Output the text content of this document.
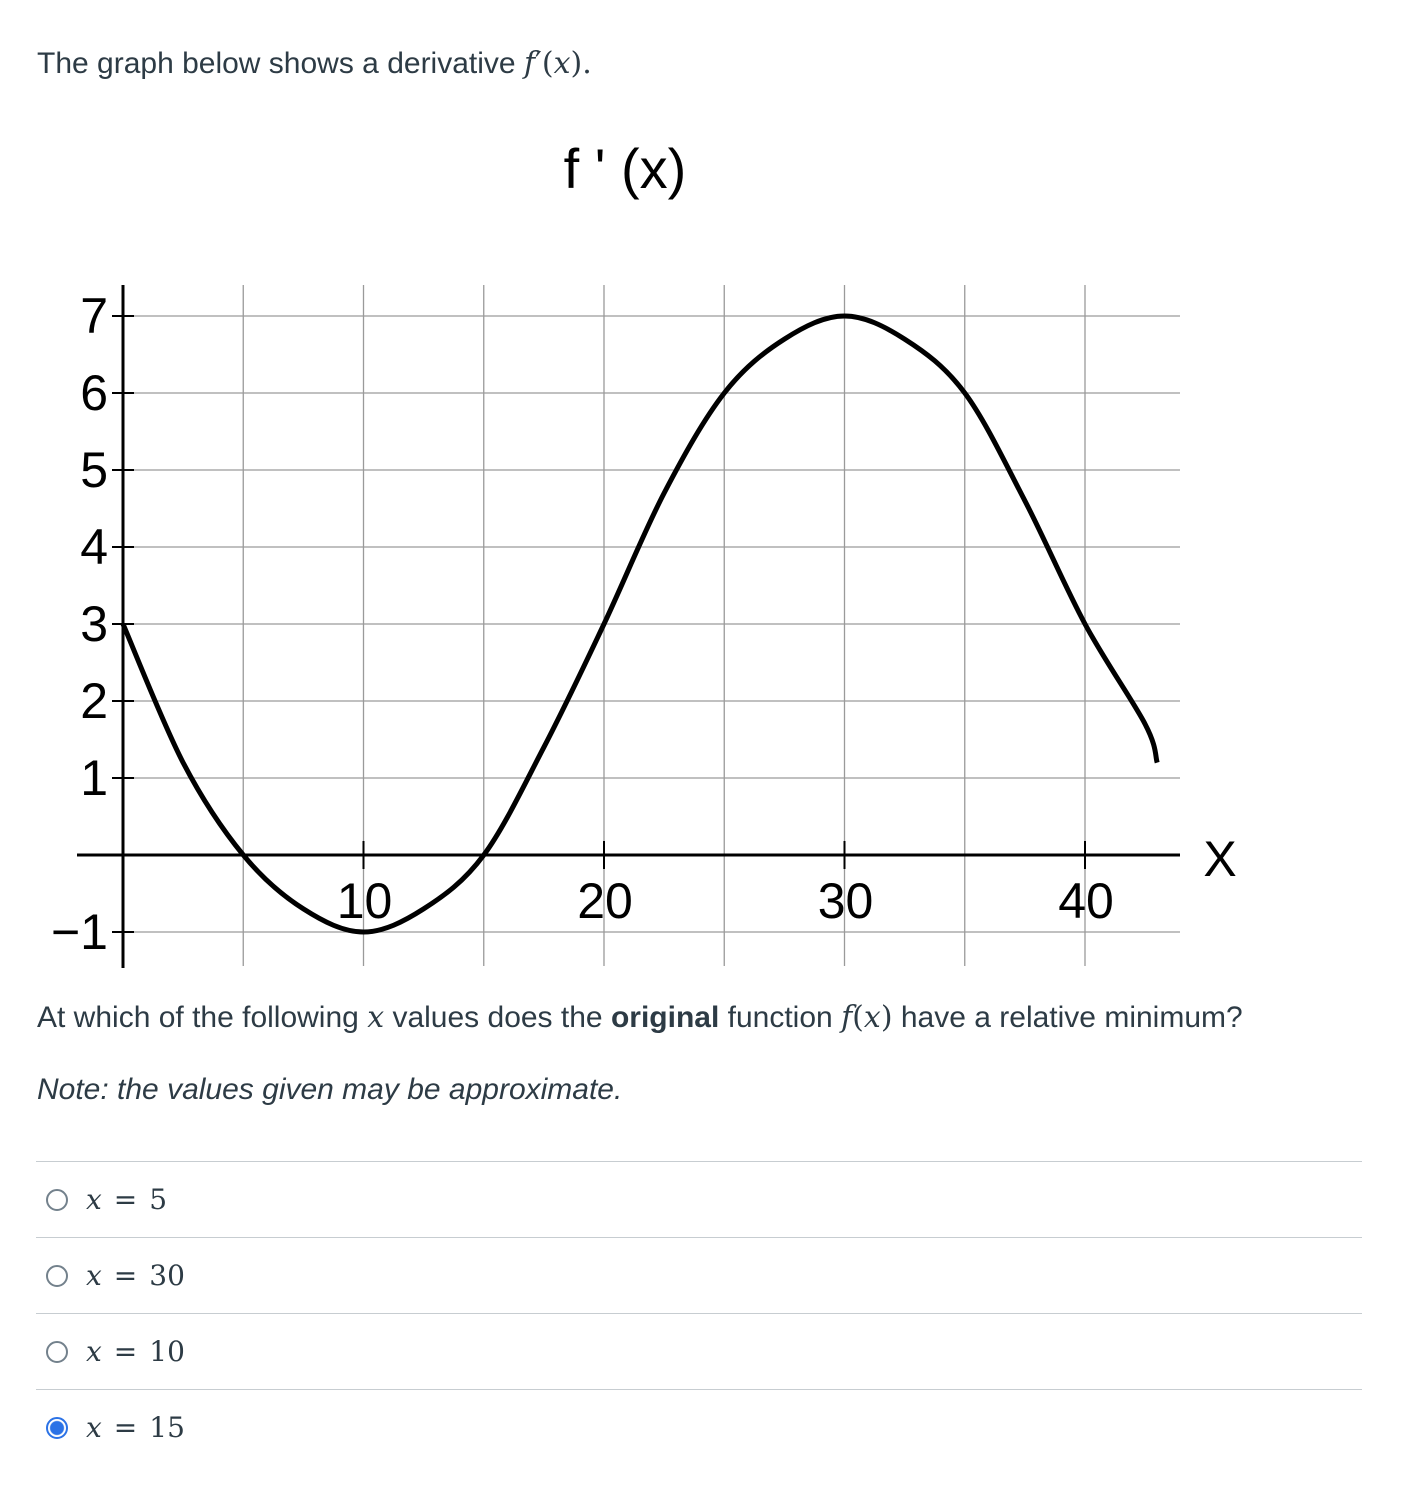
The graph below shows a derivative f′(x).
−1
1
2
3
4
5
6
7
10	20	30	40
f ' (x)
X
At which of the following x values does the original function f(x) have a relative minimum?
Note: the values given may be approximate.
x = 5
x = 30
x = 10
x = 15
